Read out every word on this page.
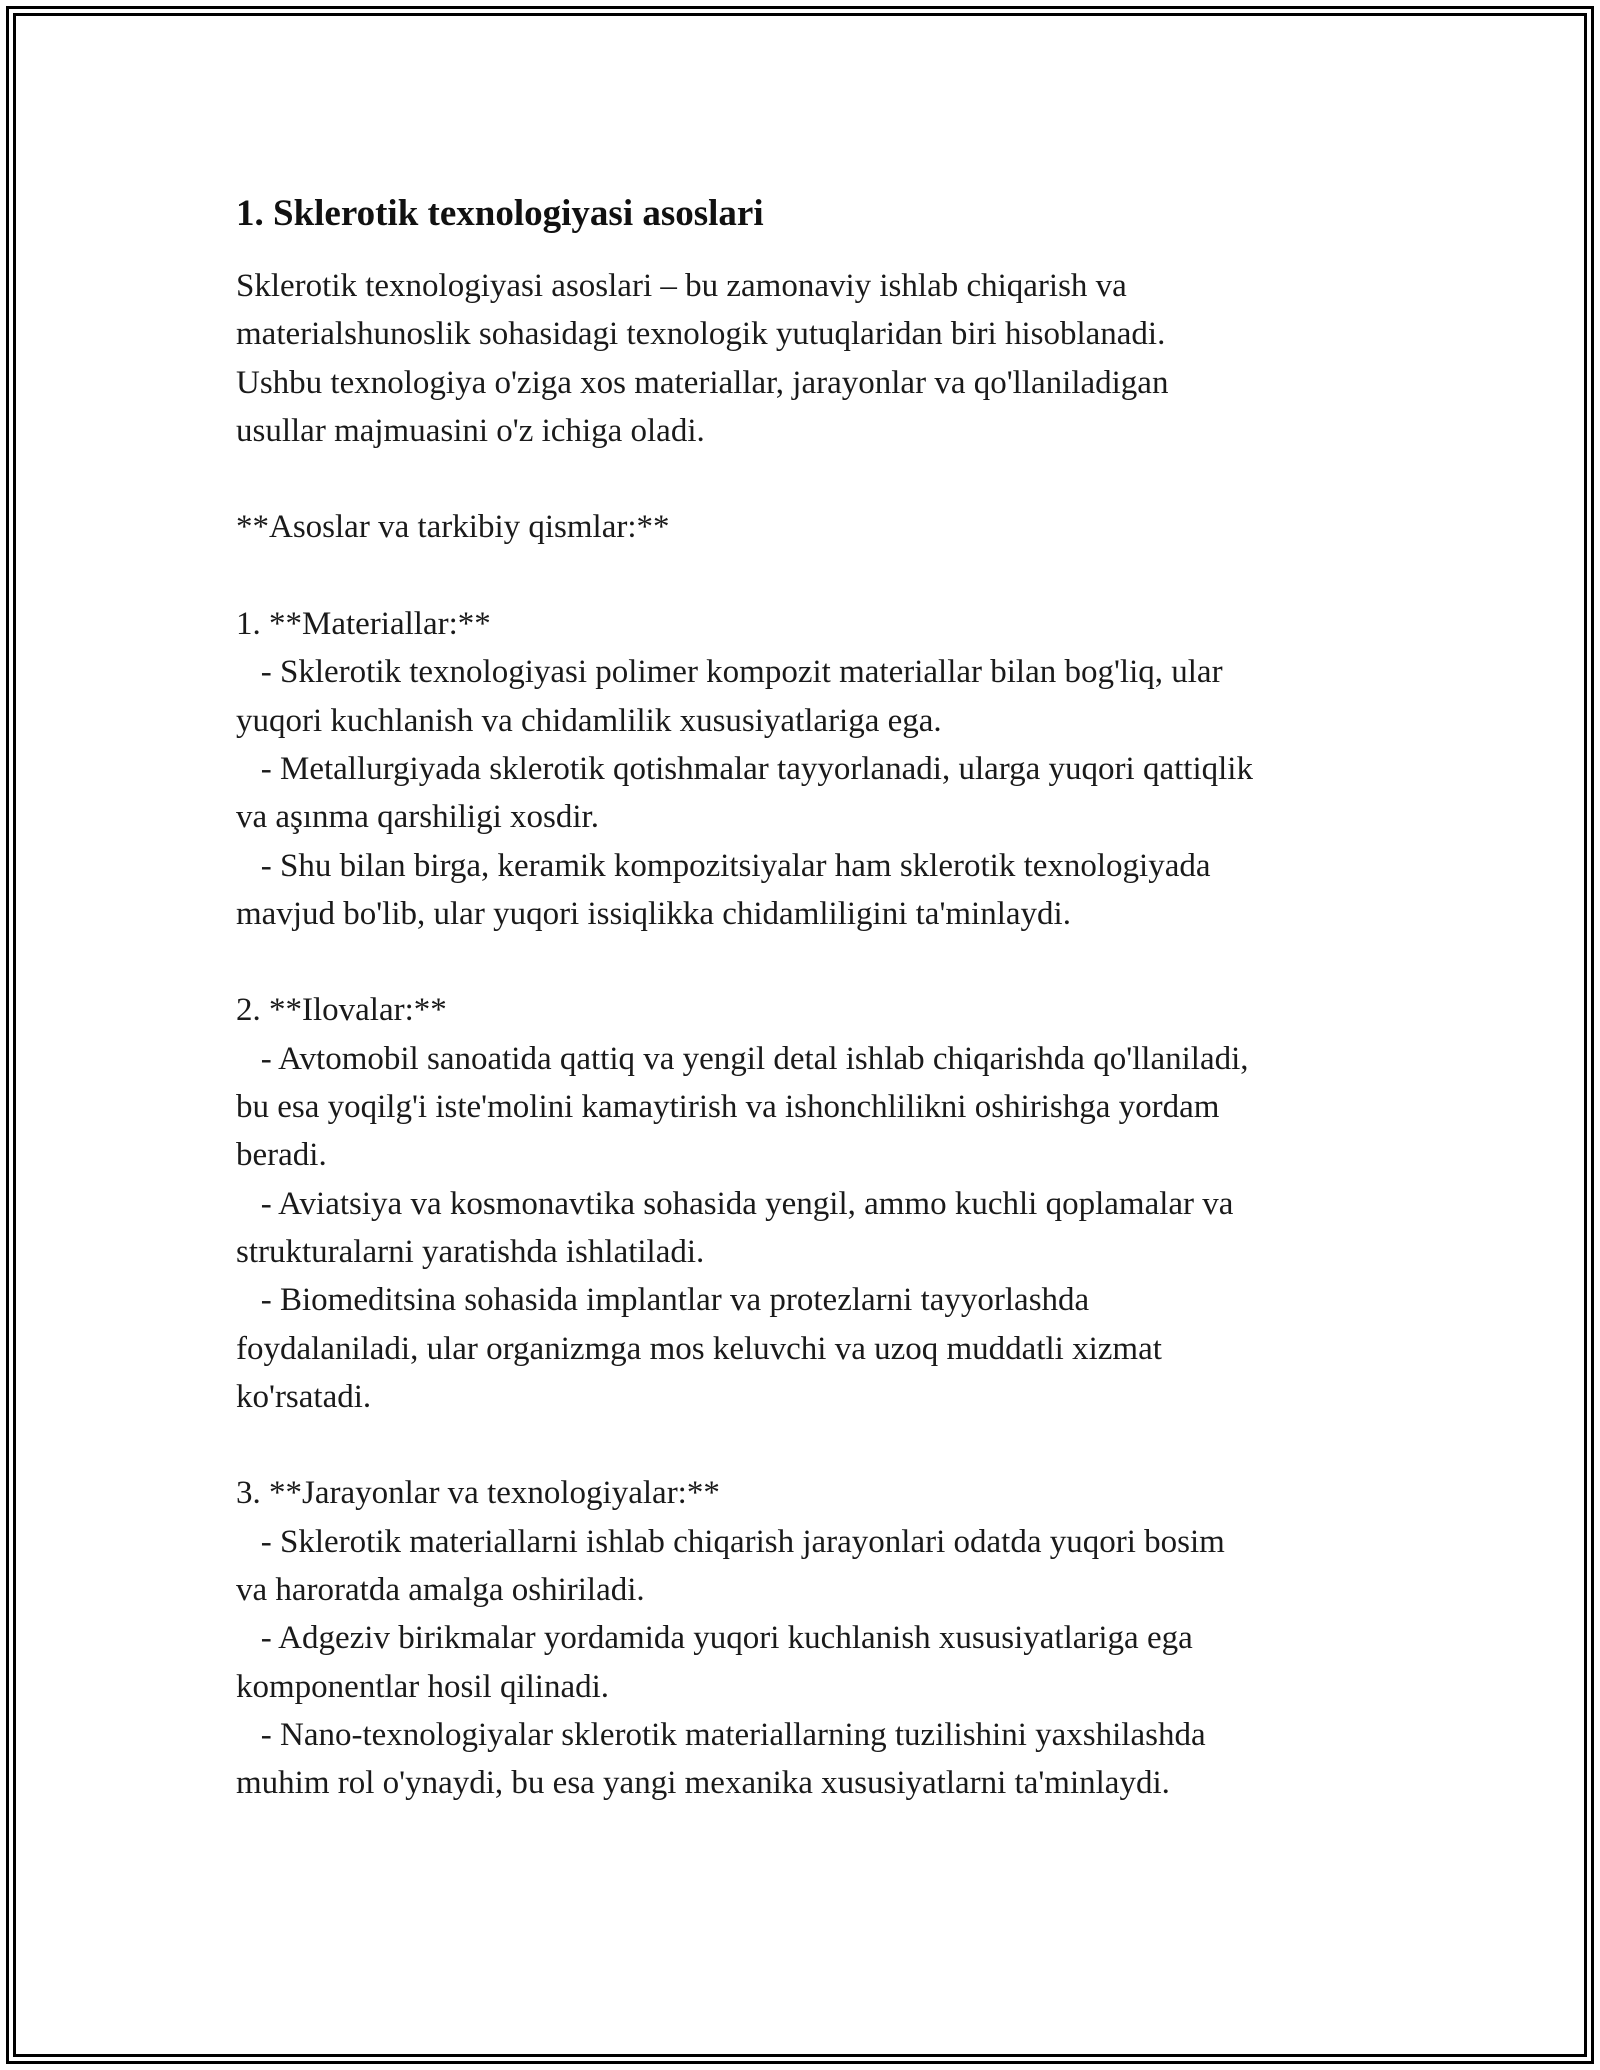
1. Sklerotik texnologiyasi asoslari

Sklerotik texnologiyasi asoslari – bu zamonaviy ishlab chiqarish va
materialshunoslik sohasidagi texnologik yutuqlaridan biri hisoblanadi.
Ushbu texnologiya o'ziga xos materiallar, jarayonlar va qo'llaniladigan
usullar majmuasini o'z ichiga oladi.

**Asoslar va tarkibiy qismlar:**

1. **Materiallar:**
- Sklerotik texnologiyasi polimer kompozit materiallar bilan bog'liq, ular
yuqori kuchlanish va chidamlilik xususiyatlariga ega.
- Metallurgiyada sklerotik qotishmalar tayyorlanadi, ularga yuqori qattiqlik
va aşınma qarshiligi xosdir.
- Shu bilan birga, keramik kompozitsiyalar ham sklerotik texnologiyada
mavjud bo'lib, ular yuqori issiqlikka chidamliligini ta'minlaydi.

2. **Ilovalar:**
- Avtomobil sanoatida qattiq va yengil detal ishlab chiqarishda qo'llaniladi,
bu esa yoqilg'i iste'molini kamaytirish va ishonchlilikni oshirishga yordam
beradi.
- Aviatsiya va kosmonavtika sohasida yengil, ammo kuchli qoplamalar va
strukturalarni yaratishda ishlatiladi.
- Biomeditsina sohasida implantlar va protezlarni tayyorlashda
foydalaniladi, ular organizmga mos keluvchi va uzoq muddatli xizmat
ko'rsatadi.

3. **Jarayonlar va texnologiyalar:**
- Sklerotik materiallarni ishlab chiqarish jarayonlari odatda yuqori bosim
va haroratda amalga oshiriladi.
- Adgeziv birikmalar yordamida yuqori kuchlanish xususiyatlariga ega
komponentlar hosil qilinadi.
- Nano-texnologiyalar sklerotik materiallarning tuzilishini yaxshilashda
muhim rol o'ynaydi, bu esa yangi mexanika xususiyatlarni ta'minlaydi.
